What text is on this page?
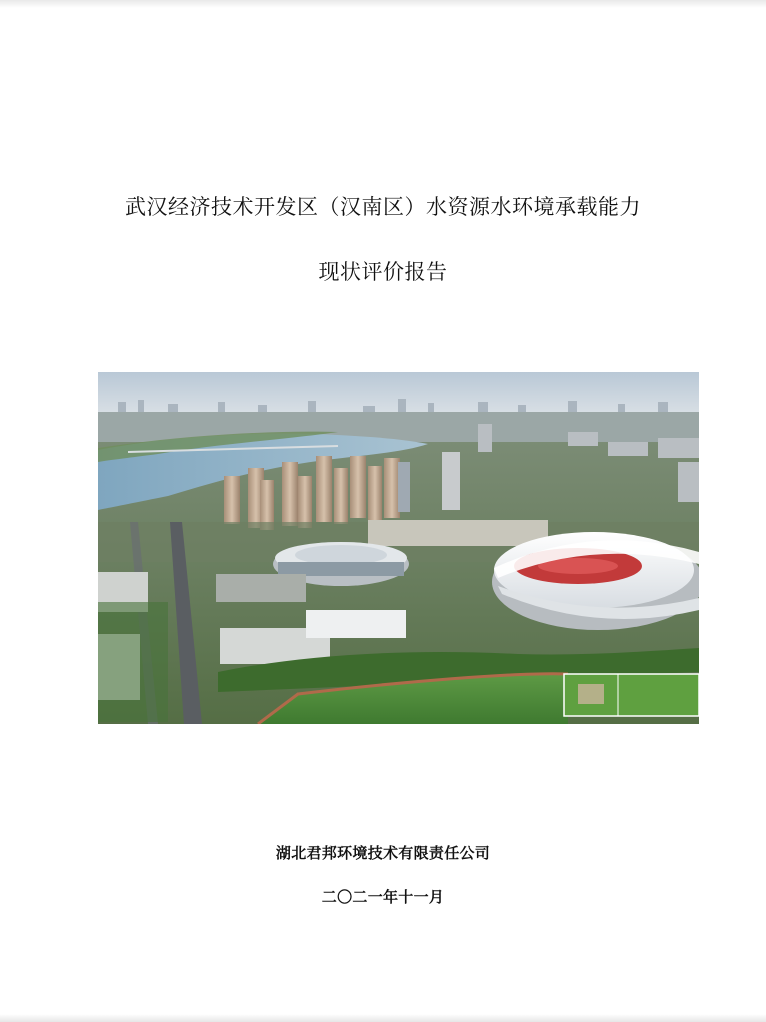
武汉经济技术开发区（汉南区）水资源水环境承载能力
现状评价报告
湖北君邦环境技术有限责任公司
二〇二一年十一月
